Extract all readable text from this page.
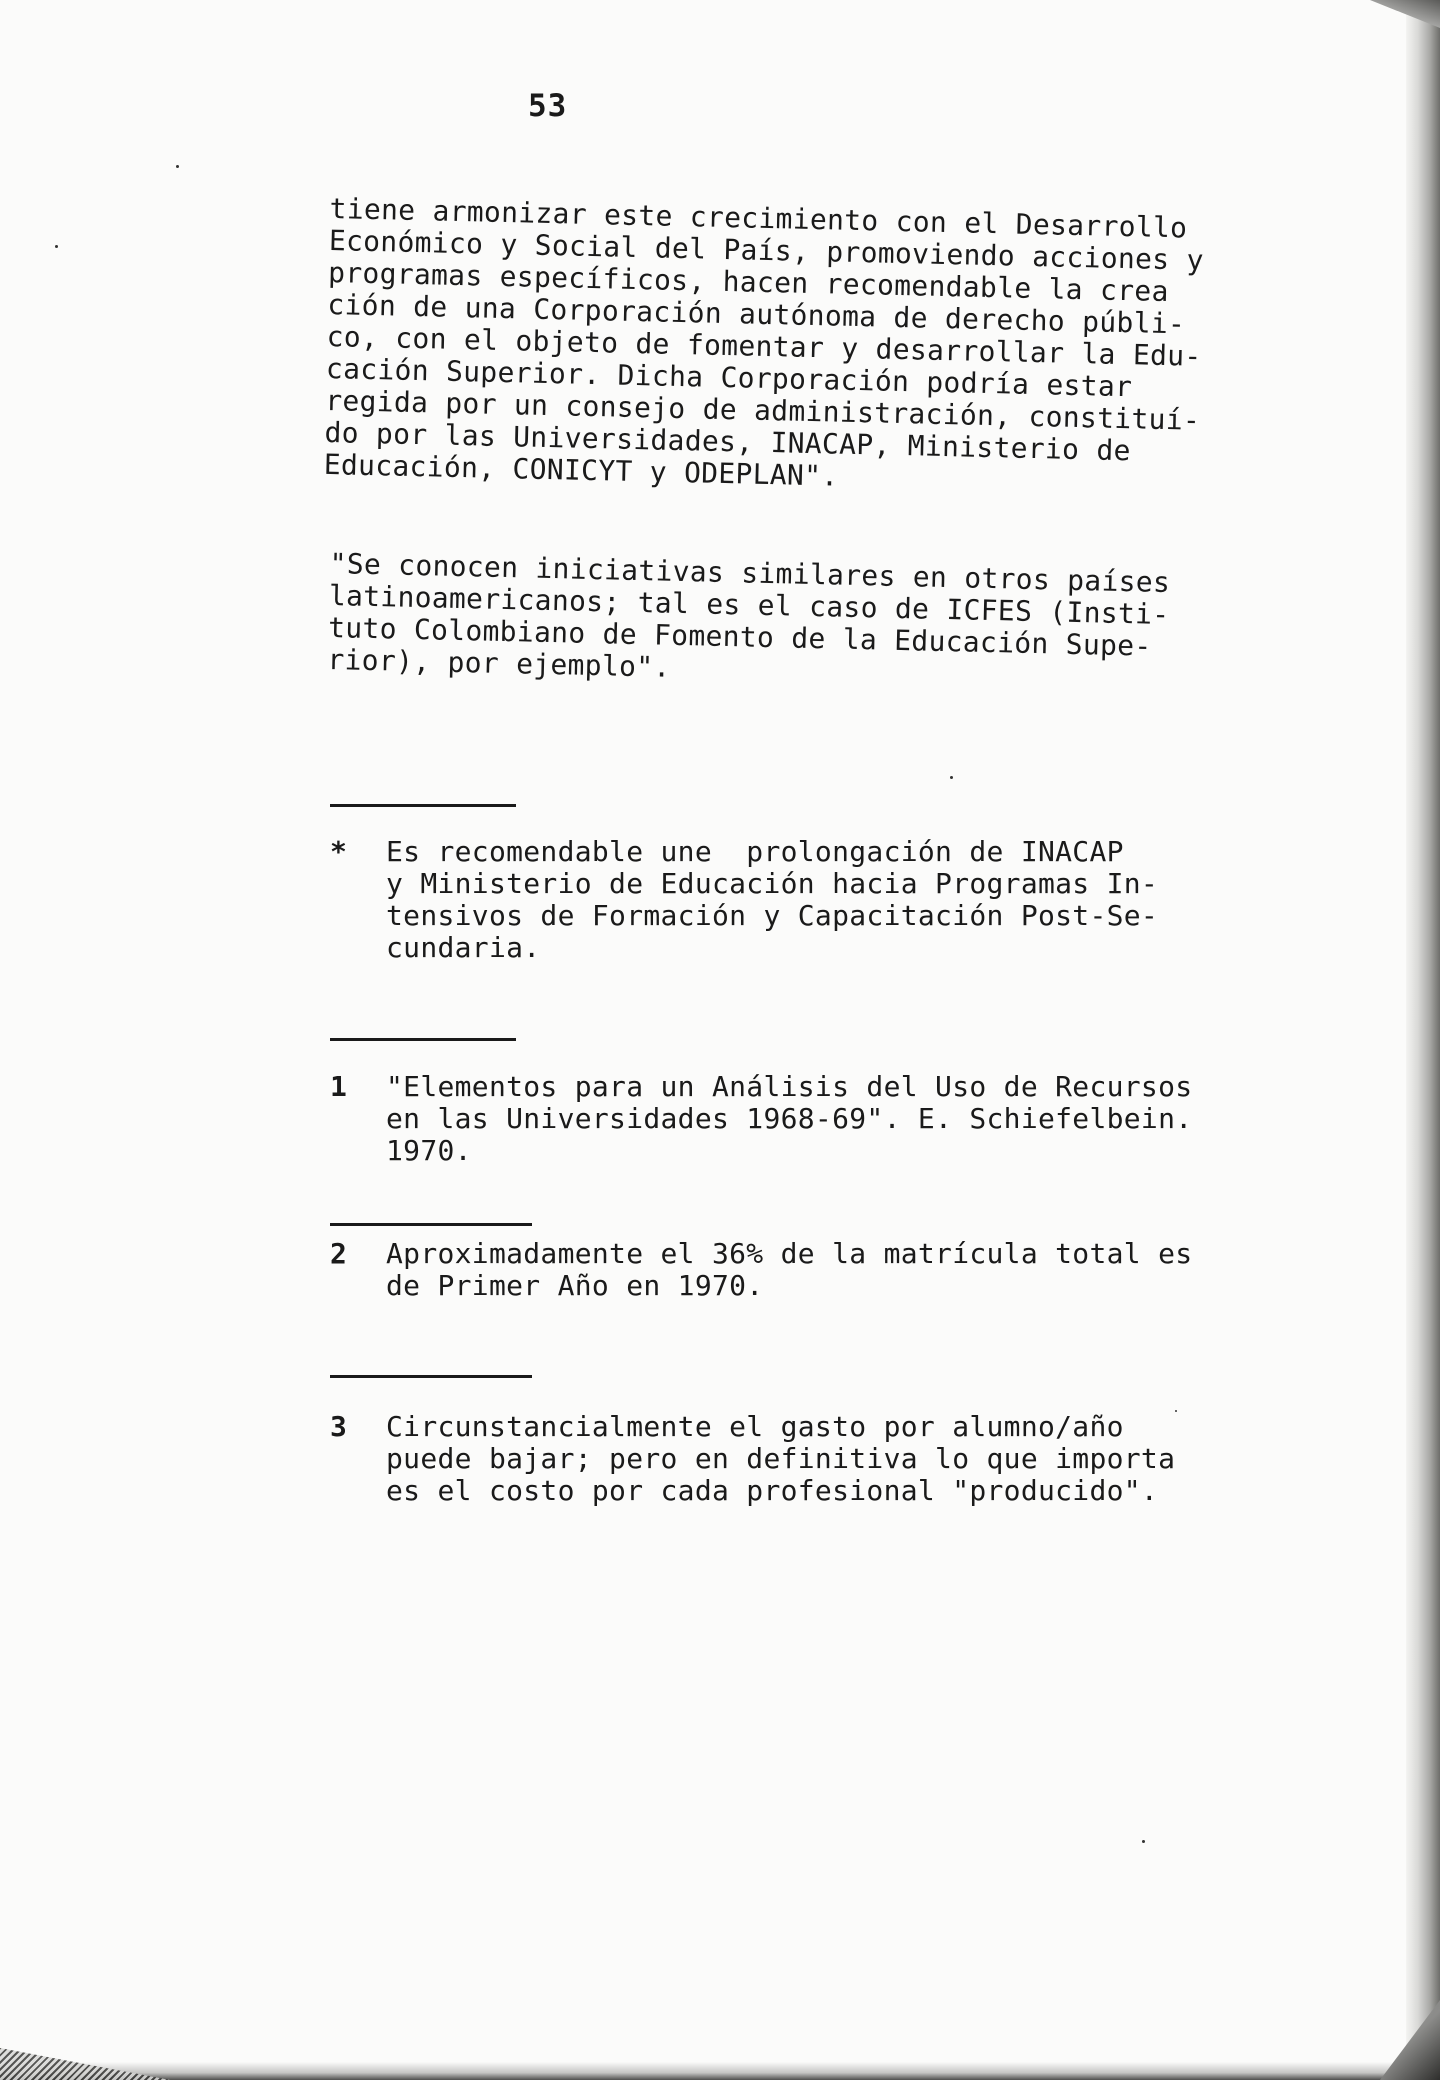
53
tiene armonizar este crecimiento con el Desarrollo
Económico y Social del País, promoviendo acciones y
programas específicos, hacen recomendable la crea
ción de una Corporación autónoma de derecho públi-
co, con el objeto de fomentar y desarrollar la Edu-
cación Superior. Dicha Corporación podría estar
regida por un consejo de administración, constituí-
do por las Universidades, INACAP, Ministerio de
Educación, CONICYT y ODEPLAN".
"Se conocen iniciativas similares en otros países
latinoamericanos; tal es el caso de ICFES (Insti-
tuto Colombiano de Fomento de la Educación Supe-
rior), por ejemplo".
* Es recomendable une  prolongación de INACAP
y Ministerio de Educación hacia Programas In-
tensivos de Formación y Capacitación Post-Se-
cundaria.
1 "Elementos para un Análisis del Uso de Recursos
en las Universidades 1968-69". E. Schiefelbein.
1970.
2 Aproximadamente el 36% de la matrícula total es
de Primer Año en 1970.
3 Circunstancialmente el gasto por alumno/año
puede bajar; pero en definitiva lo que importa
es el costo por cada profesional "producido".
